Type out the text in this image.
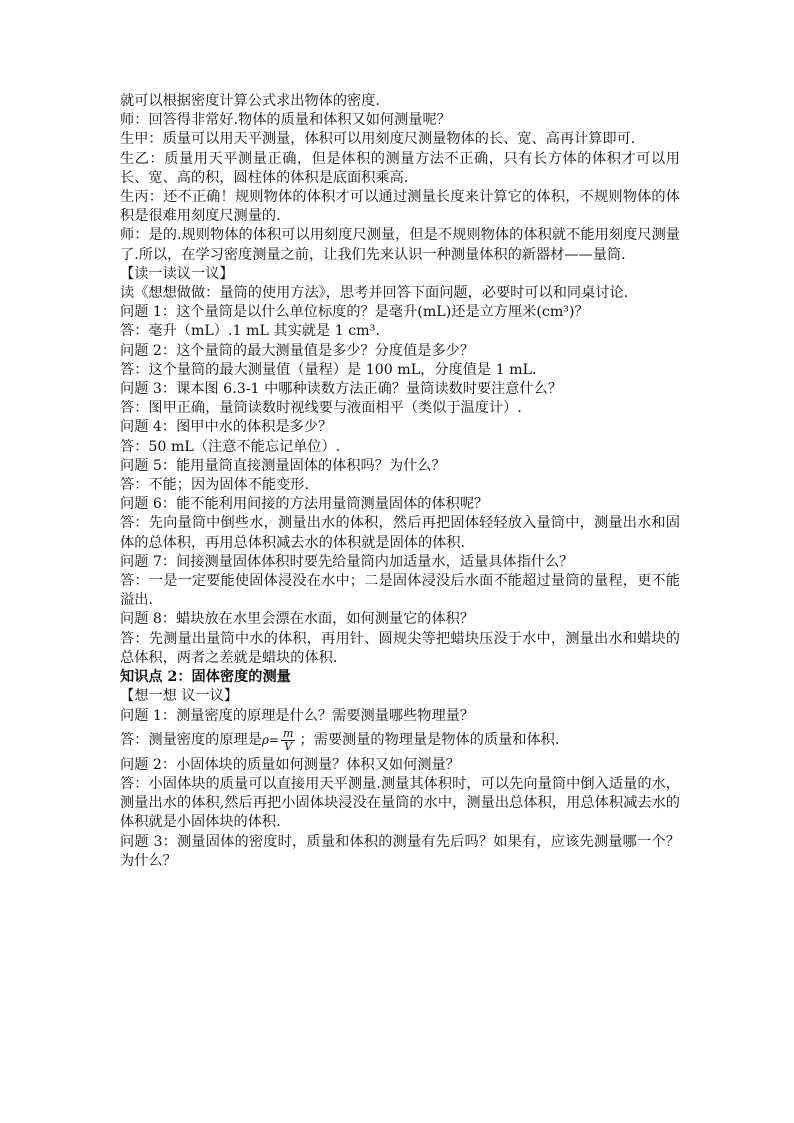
就可以根据密度计算公式求出物体的密度.

师：回答得非常好.物体的质量和体积又如何测量呢？

生甲：质量可以用天平测量，体积可以用刻度尺测量物体的长、宽、高再计算即可.

生乙：质量用天平测量正确，但是体积的测量方法不正确，只有长方体的体积才可以用长、宽、高的积，圆柱体的体积是底面积乘高.

生丙：还不正确！规则物体的体积才可以通过测量长度来计算它的体积，不规则物体的体积是很难用刻度尺测量的.

师：是的.规则物体的体积可以用刻度尺测量，但是不规则物体的体积就不能用刻度尺测量了.所以，在学习密度测量之前，让我们先来认识一种测量体积的新器材——量筒.

【读一读议一议】

读《想想做做：量筒的使用方法》，思考并回答下面问题，必要时可以和同桌讨论.

问题 1：这个量筒是以什么单位标度的？是毫升(mL)还是立方厘米(cm³)？

答：毫升（mL）.1 mL 其实就是 1 cm³.

问题 2：这个量筒的最大测量值是多少？分度值是多少？

答：这个量筒的最大测量值（量程）是 100 mL，分度值是 1 mL.

问题 3：课本图 6.3-1 中哪种读数方法正确？量筒读数时要注意什么？

答：图甲正确，量筒读数时视线要与液面相平（类似于温度计）.

问题 4：图甲中水的体积是多少？

答：50 mL（注意不能忘记单位）.

问题 5：能用量筒直接测量固体的体积吗？为什么？

答：不能；因为固体不能变形.

问题 6：能不能利用间接的方法用量筒测量固体的体积呢？

答：先向量筒中倒些水，测量出水的体积，然后再把固体轻轻放入量筒中，测量出水和固体的总体积，再用总体积减去水的体积就是固体的体积.

问题 7：间接测量固体体积时要先给量筒内加适量水，适量具体指什么？

答：一是一定要能使固体浸没在水中；二是固体浸没后水面不能超过量筒的量程，更不能溢出.

问题 8：蜡块放在水里会漂在水面，如何测量它的体积？

答：先测量出量筒中水的体积，再用针、圆规尖等把蜡块压没于水中，测量出水和蜡块的总体积，两者之差就是蜡块的体积.

知识点 2：固体密度的测量

【想一想 议一议】

问题 1：测量密度的原理是什么？需要测量哪些物理量？

答：测量密度的原理是 $\rho= \frac{m}{V}$ ；需要测量的物理量是物体的质量和体积.

问题 2：小固体块的质量如何测量？体积又如何测量？

答：小固体块的质量可以直接用天平测量.测量其体积时，可以先向量筒中倒入适量的水，测量出水的体积,然后再把小固体块浸没在量筒的水中，测量出总体积，用总体积减去水的体积就是小固体块的体积.

问题 3：测量固体的密度时，质量和体积的测量有先后吗？如果有，应该先测量哪一个？为什么？
